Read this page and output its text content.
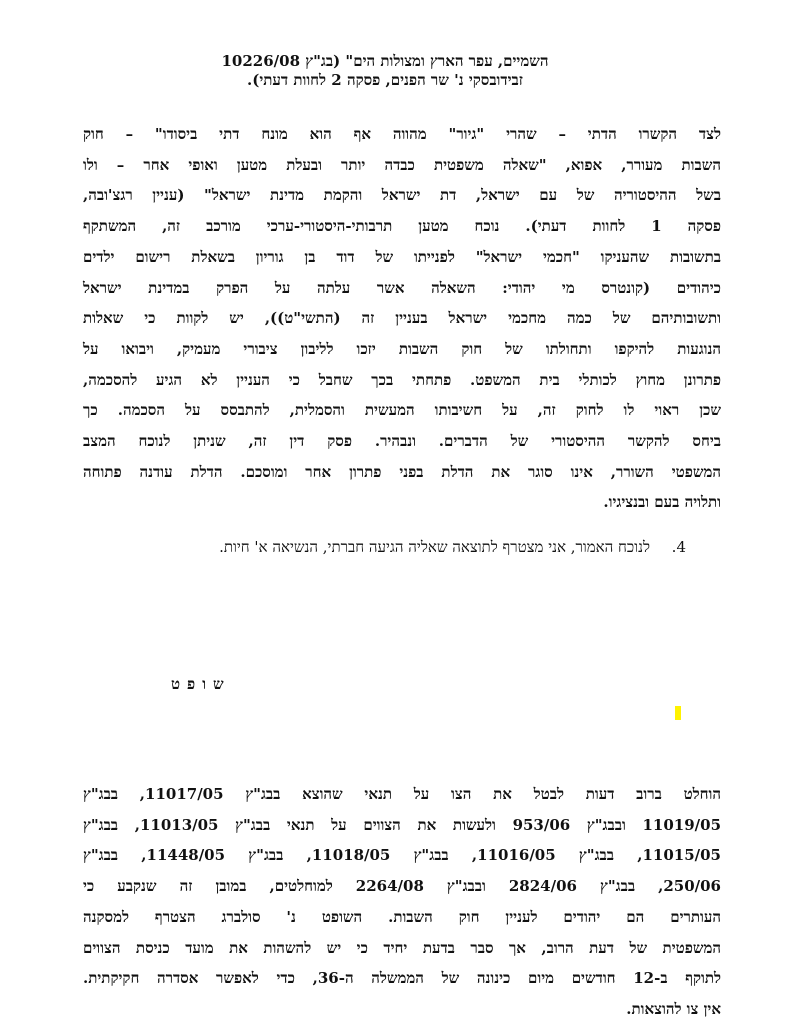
השמיים, עפר הארץ ומצולות הים" (בג"ץ 10226/08
זבידובסקי נ' שר הפנים, פסקה 2 לחוות דעתי).
לצד הקשרו הדתי – שהרי "גיור" מהווה אף הוא מונח דתי ביסודו" – חוק
השבות מעורר, אפוא, "שאלה משפטית כבדה יותר ובעלת מטען ואופי אחר – ולו
בשל ההיסטוריה של עם ישראל, דת ישראל והקמת מדינת ישראל" (עניין רגצ'ובה,
פסקה 1 לחוות דעתי). נוכח מטען תרבותי-היסטורי-ערכי מורכב זה, המשתקף
בתשובות שהעניקו "חכמי ישראל" לפנייתו של דוד בן גוריון בשאלת רישום ילדים
כיהודים (קונטרס מי יהודי: השאלה אשר עלתה על הפרק במדינת ישראל
ותשובותיהם של כמה מחכמי ישראל בעניין זה (התשי"ט)), יש לקוות כי שאלות
הנוגעות להיקפו ותחולתו של חוק השבות יזכו לליבון ציבורי מעמיק, ויבואו על
פתרונן מחוץ לכותלי בית המשפט. פתחתי בכך שחבל כי העניין לא הגיע להסכמה,
שכן ראוי לו לחוק זה, על חשיבותו המעשית והסמלית, להתבסס על הסכמה. כך
ביחס להקשר ההיסטורי של הדברים. ונבהיר. פסק דין זה, שניתן לנוכח המצב
המשפטי השורר, אינו סוגר את הדלת בפני פתרון אחר ומוסכם. הדלת עודנה פתוחה
ותלויה בעם ובנציגיו.
4.
לנוכח האמור, אני מצטרף לתוצאה שאליה הגיעה חברתי, הנשיאה א' חיות.
שופט
הוחלט ברוב דעות לבטל את הצו על תנאי שהוצא בבג"ץ 11017/05, בבג"ץ
11019/05 ובבג"ץ 953/06 ולעשות את הצווים על תנאי בבג"ץ 11013/05, בבג"ץ
11015/05, בבג"ץ 11016/05, בבג"ץ 11018/05, בבג"ץ 11448/05, בבג"ץ
250/06, בבג"ץ 2824/06 ובבג"ץ 2264/08 למוחלטים, במובן זה שנקבע כי
העותרים הם יהודים לעניין חוק השבות. השופט נ' סולברג הצטרף למסקנה
המשפטית של דעת הרוב, אך סבר בדעת יחיד כי יש להשהות את מועד כניסת הצווים
לתוקף ב-12 חודשים מיום כינונה של הממשלה ה-36, כדי לאפשר אסדרה חקיקתית.
אין צו להוצאות.
